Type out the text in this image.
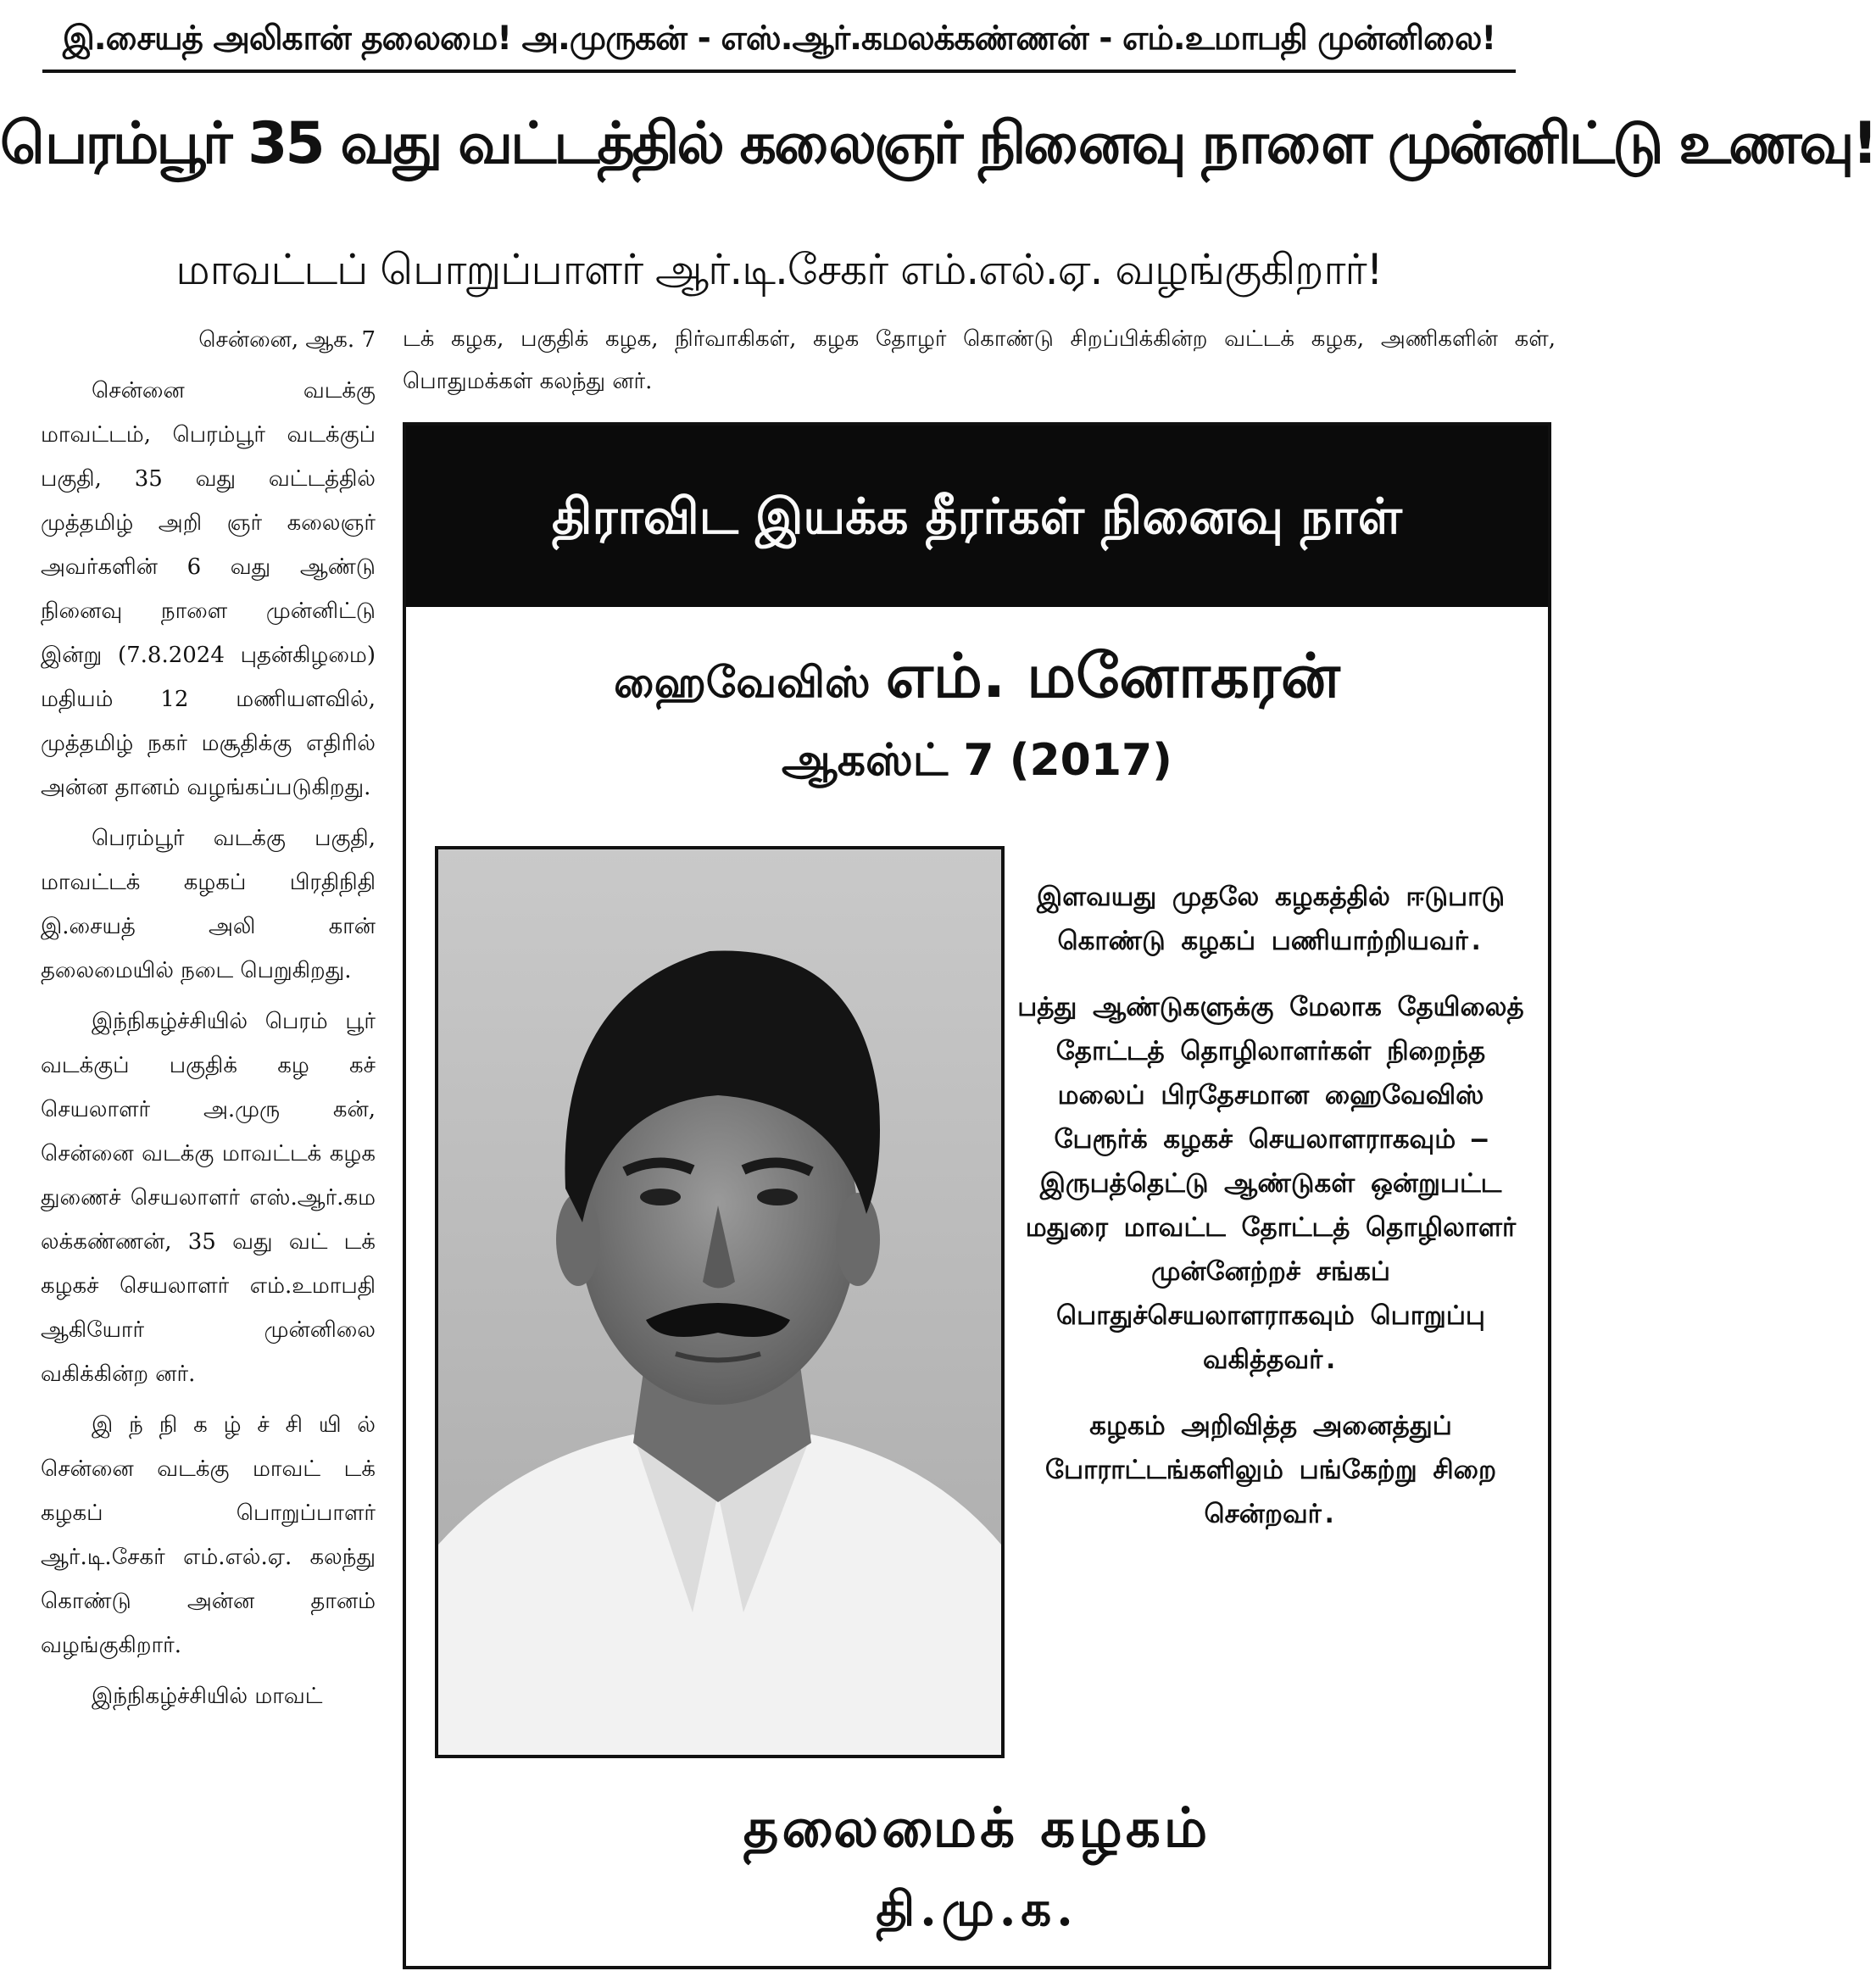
இ.சையத் அலிகான் தலைமை! அ.முருகன் - எஸ்.ஆர்.கமலக்கண்ணன் - எம்.உமாபதி முன்னிலை!
பெரம்பூர் 35 வது வட்டத்தில் கலைஞர் நினைவு நாளை முன்னிட்டு உணவு!
மாவட்டப் பொறுப்பாளர் ஆர்.டி.சேகர் எம்.எல்.ஏ. வழங்குகிறார்!

சென்னை, ஆக. 7

சென்னை வடக்கு மாவட்டம், பெரம்பூர் வடக்குப் பகுதி, 35 வது வட்டத்தில் முத்தமிழ் அறி ஞர் கலைஞர் அவர்களின் 6 வது ஆண்டு நினைவு நாளை முன்னிட்டு இன்று (7.8.2024 புதன்கிழமை) மதியம் 12 மணியளவில், முத்தமிழ் நகர் மசூதிக்கு எதிரில் அன்ன தானம் வழங்கப்படுகிறது.

பெரம்பூர் வடக்கு பகுதி, மாவட்டக் கழகப் பிரதிநிதி இ.சையத் அலி கான் தலைமையில் நடை பெறுகிறது.

இந்நிகழ்ச்சியில் பெரம் பூர் வடக்குப் பகுதிக் கழ கச் செயலாளர் அ.முரு கன், சென்னை வடக்கு மாவட்டக் கழக துணைச் செயலாளர் எஸ்.ஆர்.கம லக்கண்ணன், 35 வது வட் டக் கழகச் செயலாளர் எம்.உமாபதி ஆகியோர் முன்னிலை வகிக்கின்ற னர்.

இ ந் நி க ழ் ச் சி யி ல் சென்னை வடக்கு மாவட் டக் கழகப் பொறுப்பாளர் ஆர்.டி.சேகர் எம்.எல்.ஏ. கலந்து கொண்டு அன்ன தானம் வழங்குகிறார்.

இந்நிகழ்ச்சியில் மாவட்

டக் கழக, பகுதிக் கழக, நிர்வாகிகள், கழக தோழர் கொண்டு சிறப்பிக்கின்ற வட்டக் கழக, அணிகளின் கள், பொதுமக்கள் கலந்து னர்.
திராவிட இயக்க தீரர்கள் நினைவு நாள்
ஹைவேவிஸ் எம். மனோகரன்
ஆகஸ்ட் 7 (2017)

இளவயது முதலே கழகத்தில் ஈடுபாடு கொண்டு கழகப் பணியாற்றியவர்.

பத்து ஆண்டுகளுக்கு மேலாக தேயிலைத் தோட்டத் தொழிலாளர்கள் நிறைந்த மலைப் பிரதேசமான ஹைவேவிஸ் பேரூர்க் கழகச் செயலாளராகவும் – இருபத்தெட்டு ஆண்டுகள் ஒன்றுபட்ட மதுரை மாவட்ட தோட்டத் தொழிலாளர் முன்னேற்றச் சங்கப் பொதுச்செயலாளராகவும் பொறுப்பு வகித்தவர்.

கழகம் அறிவித்த அனைத்துப் போராட்டங்களிலும் பங்கேற்று சிறை சென்றவர்.

தலைமைக் கழகம்
தி.மு.க.
